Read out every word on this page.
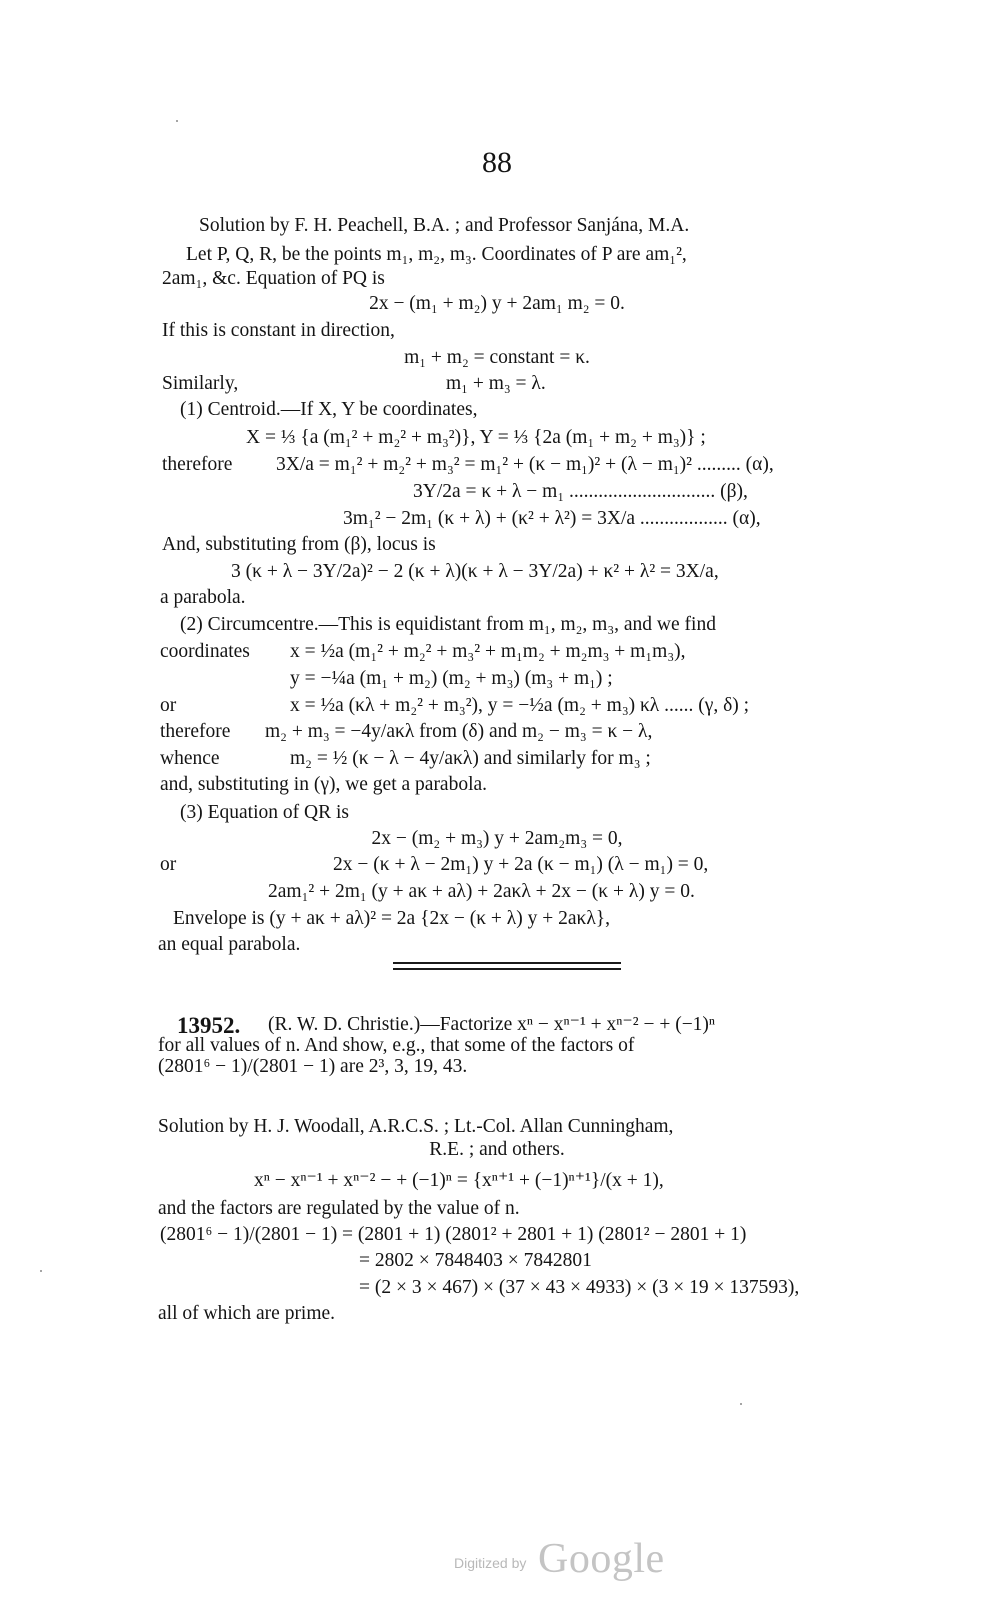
88
Solution by F. H. Peachell, B.A. ; and Professor Sanjána, M.A.
Let P, Q, R, be the points m₁, m₂, m₃. Coordinates of P are am₁²,
2am₁, &c. Equation of PQ is
2x − (m₁ + m₂) y + 2am₁ m₂ = 0.
If this is constant in direction,
m₁ + m₂ = constant = κ.
Similarly,	m₁ + m₃ = λ.
(1) Centroid.—If X, Y be coordinates,
X = ⅓ {a (m₁² + m₂² + m₃²)}, Y = ⅓ {2a (m₁ + m₂ + m₃)} ;
therefore 3X/a = m₁² + m₂² + m₃² = m₁² + (κ − m₁)² + (λ − m₁)² ......... (α),
3Y/2a = κ + λ − m₁ .............................. (β),
3m₁² − 2m₁ (κ + λ) + (κ² + λ²) = 3X/a .................. (α),
And, substituting from (β), locus is
3 (κ + λ − 3Y/2a)² − 2 (κ + λ)(κ + λ − 3Y/2a) + κ² + λ² = 3X/a,
a parabola.
(2) Circumcentre.—This is equidistant from m₁, m₂, m₃, and we find
coordinates x = ½a (m₁² + m₂² + m₃² + m₁m₂ + m₂m₃ + m₁m₃),
y = −¼a (m₁ + m₂) (m₂ + m₃) (m₃ + m₁) ;
or	x = ½a (κλ + m₂² + m₃²), y = −½a (m₂ + m₃) κλ ...... (γ, δ) ;
therefore m₂ + m₃ = −4y/aκλ from (δ) and m₂ − m₃ = κ − λ,
whence	m₂ = ½ (κ − λ − 4y/aκλ) and similarly for m₃ ;
and, substituting in (γ), we get a parabola.
(3) Equation of QR is
2x − (m₂ + m₃) y + 2am₂m₃ = 0,
or	2x − (κ + λ − 2m₁) y + 2a (κ − m₁) (λ − m₁) = 0,
2am₁² + 2m₁ (y + aκ + aλ) + 2aκλ + 2x − (κ + λ) y = 0.
Envelope is (y + aκ + aλ)² = 2a {2x − (κ + λ) y + 2aκλ},
an equal parabola.
13952. (R. W. D. Christie.)—Factorize xⁿ − xⁿ⁻¹ + xⁿ⁻² − + (−1)ⁿ
for all values of n. And show, e.g., that some of the factors of
(2801⁶ − 1)/(2801 − 1) are 2³, 3, 19, 43.
Solution by H. J. Woodall, A.R.C.S. ; Lt.-Col. Allan Cunningham,
R.E. ; and others.
xⁿ − xⁿ⁻¹ + xⁿ⁻² − + (−1)ⁿ = {xⁿ⁺¹ + (−1)ⁿ⁺¹}/(x + 1),
and the factors are regulated by the value of n.
(2801⁶ − 1)/(2801 − 1) = (2801 + 1) (2801² + 2801 + 1) (2801² − 2801 + 1)
= 2802 × 7848403 × 7842801
= (2 × 3 × 467) × (37 × 43 × 4933) × (3 × 19 × 137593),
all of which are prime.
Digitized by Google
